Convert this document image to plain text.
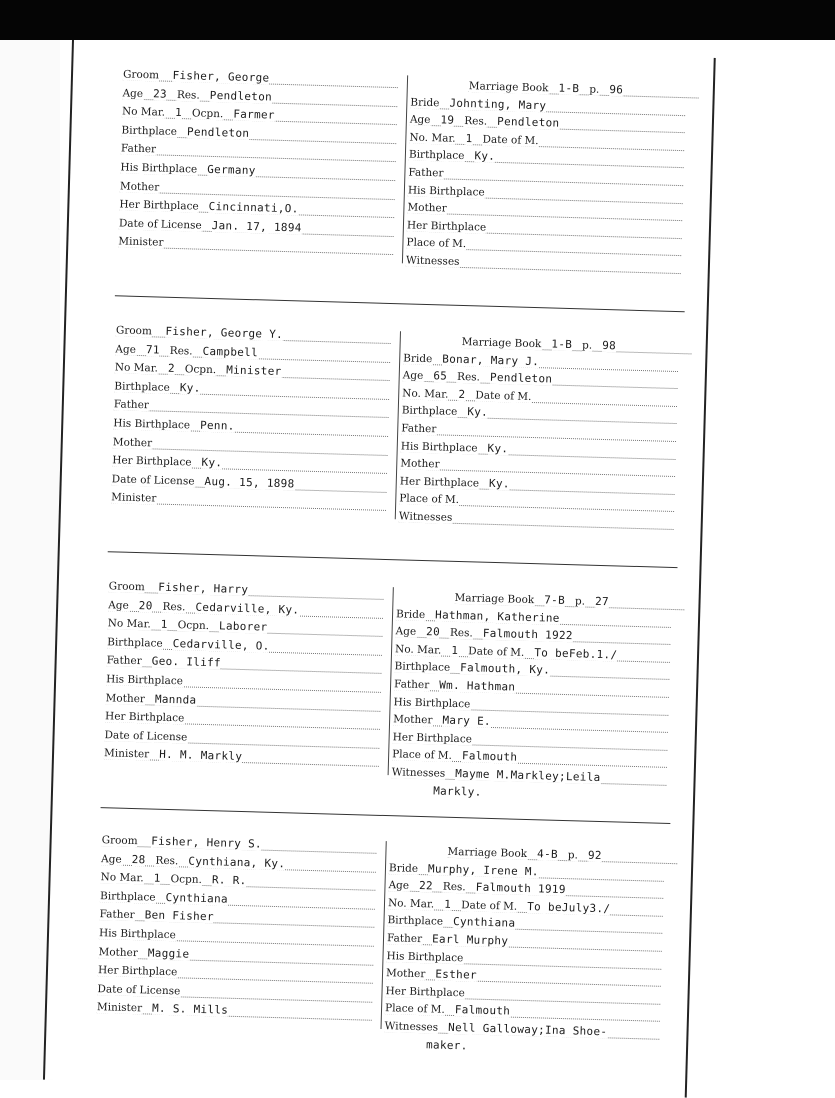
Groom Fisher, George
Age 23 Res. Pendleton
No Mar. 1 Ocpn. Farmer
Birthplace Pendleton
Father
His Birthplace Germany
Mother
Her Birthplace Cincinnati,O.
Date of License Jan. 17, 1894
Minister
Marriage Book 1-B p. 96
Bride Johnting, Mary
Age 19 Res. Pendleton
No. Mar. 1 Date of M.
Birthplace Ky.
Father
His Birthplace
Mother
Her Birthplace
Place of M.
Witnesses
Groom Fisher, George Y.
Age 71 Res. Campbell
No Mar. 2 Ocpn. Minister
Birthplace Ky.
Father
His Birthplace Penn.
Mother
Her Birthplace Ky.
Date of License Aug. 15, 1898
Minister
Marriage Book 1-B p. 98
Bride Bonar, Mary J.
Age 65 Res. Pendleton
No. Mar. 2 Date of M.
Birthplace Ky.
Father
His Birthplace Ky.
Mother
Her Birthplace Ky.
Place of M.
Witnesses
Groom Fisher, Harry
Age 20 Res. Cedarville, Ky.
No Mar. 1 Ocpn. Laborer
Birthplace Cedarville, O.
Father Geo. Iliff
His Birthplace
Mother Mannda
Her Birthplace
Date of License
Minister H. M. Markly
Marriage Book 7-B p. 27
Bride Hathman, Katherine
Age 20 Res. Falmouth 1922
No. Mar. 1 Date of M. To beFeb.1./
Birthplace Falmouth, Ky.
Father Wm. Hathman
His Birthplace
Mother Mary E.
Her Birthplace
Place of M. Falmouth
Witnesses Mayme M.Markley;Leila
Markly.
Groom Fisher, Henry S.
Age 28 Res. Cynthiana, Ky.
No Mar. 1 Ocpn. R. R.
Birthplace Cynthiana
Father Ben Fisher
His Birthplace
Mother Maggie
Her Birthplace
Date of License
Minister M. S. Mills
Marriage Book 4-B p. 92
Bride Murphy, Irene M.
Age 22 Res. Falmouth 1919
No. Mar. 1 Date of M. To beJuly3./
Birthplace Cynthiana
Father Earl Murphy
His Birthplace
Mother Esther
Her Birthplace
Place of M. Falmouth
Witnesses Nell Galloway;Ina Shoe-
maker.
